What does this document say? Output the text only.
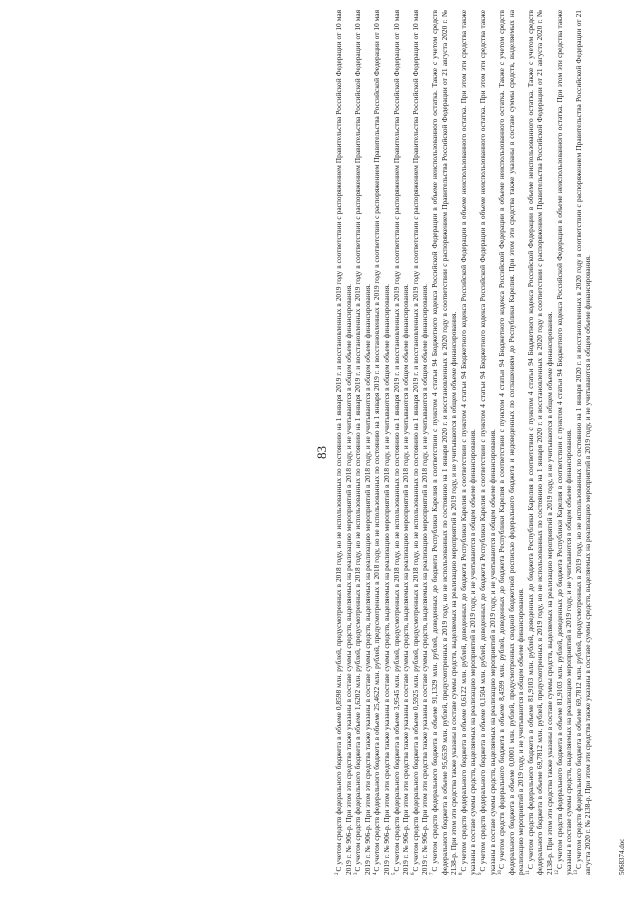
83

$^2$С учетом средств федерального бюджета в объеме 0,8598 млн. рублей, предусмотренных в 2018 году, но не использованных по состоянию на 1 января 2019 г. и восстановленных в 2019 году в соответствии с распоряжением Правительства Российской Федерации от 10 мая 2019 г. № 906-р. При этом эти средства также указаны в составе суммы средств, выделяемых на реализацию мероприятий в 2018 году, и не учитываются в общем объеме финансирования. $^3$С учетом средств федерального бюджета в объеме 1,6202 млн. рублей, предусмотренных в 2018 году, но не использованных по состоянию на 1 января 2019 г. и восстановленных в 2019 году в соответствии с распоряжением Правительства Российской Федерации от 10 мая 2019 г. № 906-р. При этом эти средства также указаны в составе суммы средств, выделяемых на реализацию мероприятий в 2018 году, и не учитываются в общем объеме финансирования. $^4$С учетом средств федерального бюджета в объеме 25,4622 млн. рублей, предусмотренных в 2018 году, но не использованных по состоянию на 1 января 2019 г. и восстановленных в 2019 году в соответствии с распоряжением Правительства Российской Федерации от 10 мая 2019 г. № 906-р. При этом эти средства также указаны в составе суммы средств, выделяемых на реализацию мероприятий в 2018 году, и не учитываются в общем объеме финансирования. $^5$С учетом средств федерального бюджета в объеме 3,9545 млн. рублей, предусмотренных в 2018 году, но не использованных по состоянию на 1 января 2019 г. и восстановленных в 2019 году в соответствии с распоряжением Правительства Российской Федерации от 10 мая 2019 г. № 906-р. При этом эти средства также указаны в составе суммы средств, выделяемых на реализацию мероприятий в 2018 году, и не учитываются в общем объеме финансирования. $^6$С учетом средств федерального бюджета в объеме 0,5925 млн. рублей, предусмотренных в 2018 году, но не использованных по состоянию на 1 января 2019 г. и восстановленных в 2019 году в соответствии с распоряжением Правительства Российской Федерации от 10 мая 2019 г. № 906-р. При этом эти средства также указаны в составе суммы средств, выделяемых на реализацию мероприятий в 2018 году, и не учитываются в общем объеме финансирования. $^7$С учетом средств федерального бюджета в объеме 91,1329 млн. рублей, доведенных до бюджета Республики Карелия в соответствии с пунктом 4 статьи 94 Бюджетного кодекса Российской Федерации в объеме неиспользованного остатка. Также с учетом средств федерального бюджета в объеме 95,6539 млн. рублей, предусмотренных в 2019 году, но не использованных по состоянию на 1 января 2020 г. и восстановленных в 2020 году в соответствии с распоряжением Правительства Российской Федерации от 21 августа 2020 г. № 2138-р. При этом эти средства также указаны в составе суммы средств, выделяемых на реализацию мероприятий в 2019 году, и не учитываются в общем объеме финансирования. $^8$С учетом средств федерального бюджета в объеме 0,6122 млн. рублей, доведенных до бюджета Республики Карелия в соответствии с пунктом 4 статьи 94 Бюджетного кодекса Российской Федерации в объеме неиспользованного остатка. При этом эти средства также указаны в составе суммы средств, выделяемых на реализацию мероприятий в 2019 году, и не учитываются в общем объеме финансирования. $^9$С учетом средств федерального бюджета в объеме 0,1504 млн. рублей, доведенных до бюджета Республики Карелия в соответствии с пунктом 4 статьи 94 Бюджетного кодекса Российской Федерации в объеме неиспользованного остатка. При этом эти средства также указаны в составе суммы средств, выделяемых на реализацию мероприятий в 2019 году, и не учитываются в общем объеме финансирования. $^{10}$С учетом средств федерального бюджета в объеме 8,4599 млн. рублей, доведенных до бюджета Республики Карелия в соответствии с пунктом 4 статьи 94 Бюджетного кодекса Российской Федерации в объеме неиспользованного остатка. Также с учетом средств федерального бюджета в объеме 0,0001 млн. рублей, предусмотренных сводной бюджетной росписью федерального бюджета и недоведенных по соглашениям до Республики Карелия. При этом эти средства также указаны в составе суммы средств, выделяемых на реализацию мероприятий в 2019 году, и не учитываются в общем объеме финансирования. $^{11}$С учетом средств федерального бюджета в объеме 81,9103 млн. рублей, доведенных до бюджета Республики Карелия в соответствии с пунктом 4 статьи 94 Бюджетного кодекса Российской Федерации в объеме неиспользованного остатка. Также с учетом средств федерального бюджета в объеме 69,7812 млн. рублей, предусмотренных в 2019 году, но не использованных по состоянию на 1 января 2020 г. и восстановленных в 2020 году в соответствии с распоряжением Правительства Российской Федерации от 21 августа 2020 г. № 2138-р. При этом эти средства также указаны в составе суммы средств, выделяемых на реализацию мероприятий в 2019 году, и не учитываются в общем объеме финансирования. $^{12}$С учетом средств федерального бюджета в объеме 81,9103 млн. рублей, доведенных до бюджета Республики Карелия в соответствии с пунктом 4 статьи 94 Бюджетного кодекса Российской Федерации в объеме неиспользованного остатка. При этом эти средства также указаны в составе суммы средств, выделяемых на реализацию мероприятий в 2019 году, и не учитываются в общем объеме финансирования. $^{13}$С учетом средств федерального бюджета в объеме 69,7812 млн. рублей, предусмотренных в 2019 году, но не использованных по состоянию на 1 января 2020 г. и восстановленных в 2020 году в соответствии с распоряжением Правительства Российской Федерации от 21 августа 2020 г. № 2138-р. При этом эти средства также указаны в составе суммы средств, выделяемых на реализацию мероприятий в 2019 году, и не учитываются в общем объеме финансирования.	5068374.doc
